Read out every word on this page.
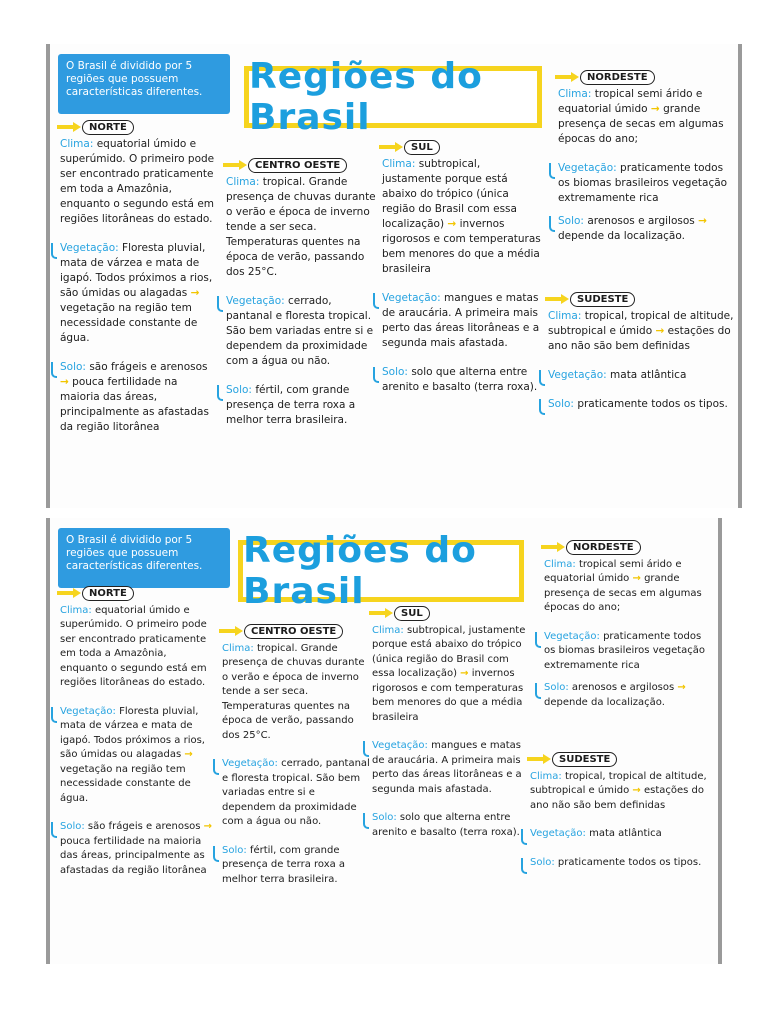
O Brasil é dividido por 5 regiões que possuem características diferentes.	Regiões do Brasil
NORTE
Clima: equatorial úmido e superúmido. O primeiro pode ser encontrado praticamente em toda a Amazônia, enquanto o segundo está em regiões litorâneas do estado.
Vegetação: Floresta pluvial, mata de várzea e mata de igapó. Todos próximos a rios, são úmidas ou alagadas → vegetação na região tem necessidade constante de água.
Solo: são frágeis e arenosos → pouca fertilidade na maioria das áreas, principalmente as afastadas da região litorânea
CENTRO OESTE
Clima: tropical. Grande presença de chuvas durante o verão e época de inverno tende a ser seca. Temperaturas quentes na época de verão, passando dos 25°C.
Vegetação: cerrado, pantanal e floresta tropical. São bem variadas entre si e dependem da proximidade com a água ou não.
Solo: fértil, com grande presença de terra roxa a melhor terra brasileira.
SUL
Clima: subtropical, justamente porque está abaixo do trópico (única região do Brasil com essa localização) → invernos rigorosos e com temperaturas bem menores do que a média brasileira
Vegetação: mangues e matas de araucária. A primeira mais perto das áreas litorâneas e a segunda mais afastada.
Solo: solo que alterna entre arenito e basalto (terra roxa).
NORDESTE
Clima: tropical semi árido e equatorial úmido → grande presença de secas em algumas épocas do ano;
Vegetação: praticamente todos os biomas brasileiros vegetação extremamente rica
Solo: arenosos e argilosos → depende da localização.
SUDESTE
Clima: tropical, tropical de altitude, subtropical e úmido → estações do ano não são bem definidas
Vegetação: mata atlântica
Solo: praticamente todos os tipos.
O Brasil é dividido por 5 regiões que possuem características diferentes.	Regiões do Brasil
NORTE
Clima: equatorial úmido e superúmido. O primeiro pode ser encontrado praticamente em toda a Amazônia, enquanto o segundo está em regiões litorâneas do estado.
Vegetação: Floresta pluvial, mata de várzea e mata de igapó. Todos próximos a rios, são úmidas ou alagadas → vegetação na região tem necessidade constante de água.
Solo: são frágeis e arenosos → pouca fertilidade na maioria das áreas, principalmente as afastadas da região litorânea
CENTRO OESTE
Clima: tropical. Grande presença de chuvas durante o verão e época de inverno tende a ser seca. Temperaturas quentes na época de verão, passando dos 25°C.
Vegetação: cerrado, pantanal e floresta tropical. São bem variadas entre si e dependem da proximidade com a água ou não.
Solo: fértil, com grande presença de terra roxa a melhor terra brasileira.
SUL
Clima: subtropical, justamente porque está abaixo do trópico (única região do Brasil com essa localização) → invernos rigorosos e com temperaturas bem menores do que a média brasileira
Vegetação: mangues e matas de araucária. A primeira mais perto das áreas litorâneas e a segunda mais afastada.
Solo: solo que alterna entre arenito e basalto (terra roxa).
NORDESTE
Clima: tropical semi árido e equatorial úmido → grande presença de secas em algumas épocas do ano;
Vegetação: praticamente todos os biomas brasileiros vegetação extremamente rica
Solo: arenosos e argilosos → depende da localização.
SUDESTE
Clima: tropical, tropical de altitude, subtropical e úmido → estações do ano não são bem definidas
Vegetação: mata atlântica
Solo: praticamente todos os tipos.
